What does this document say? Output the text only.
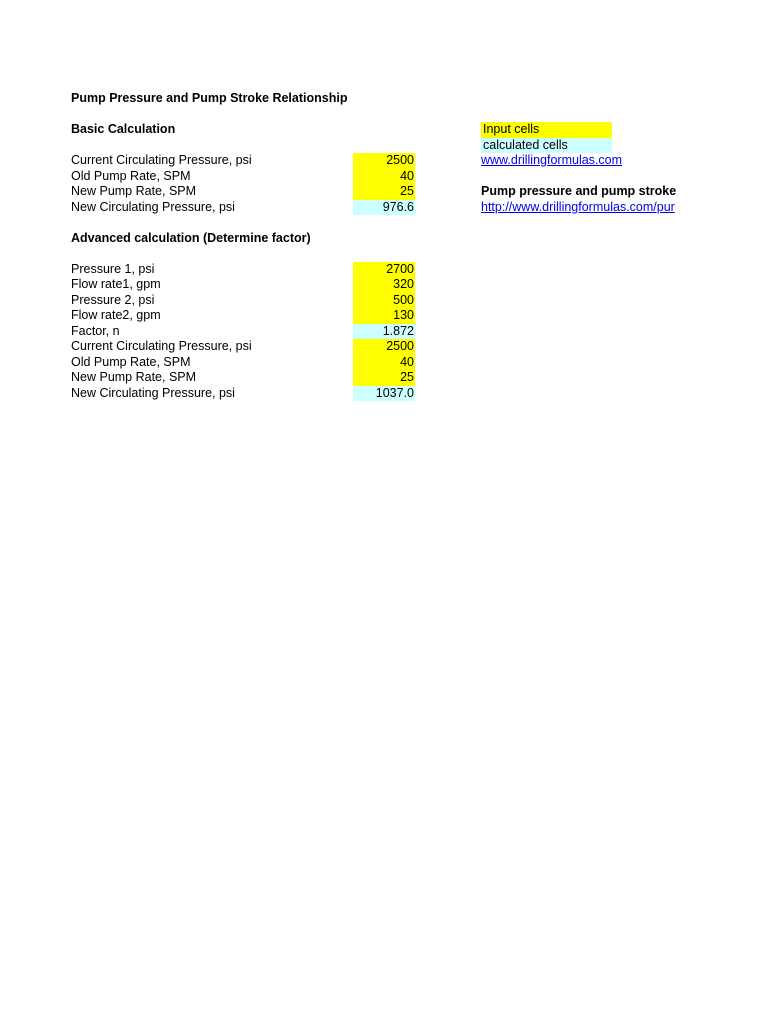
Pump Pressure and Pump Stroke Relationship
Basic Calculation	Input cells
calculated cells
Current Circulating Pressure, psi	2500	www.drillingformulas.com
Old Pump Rate, SPM	40
New Pump Rate, SPM	25	Pump pressure and pump stroke
New Circulating Pressure, psi	976.6	http://www.drillingformulas.com/pur
Advanced calculation (Determine factor)
Pressure 1, psi	2700
Flow rate1, gpm	320
Pressure 2, psi	500
Flow rate2, gpm	130
Factor, n	1.872
Current Circulating Pressure, psi	2500
Old Pump Rate, SPM	40
New Pump Rate, SPM	25
New Circulating Pressure, psi	1037.0
